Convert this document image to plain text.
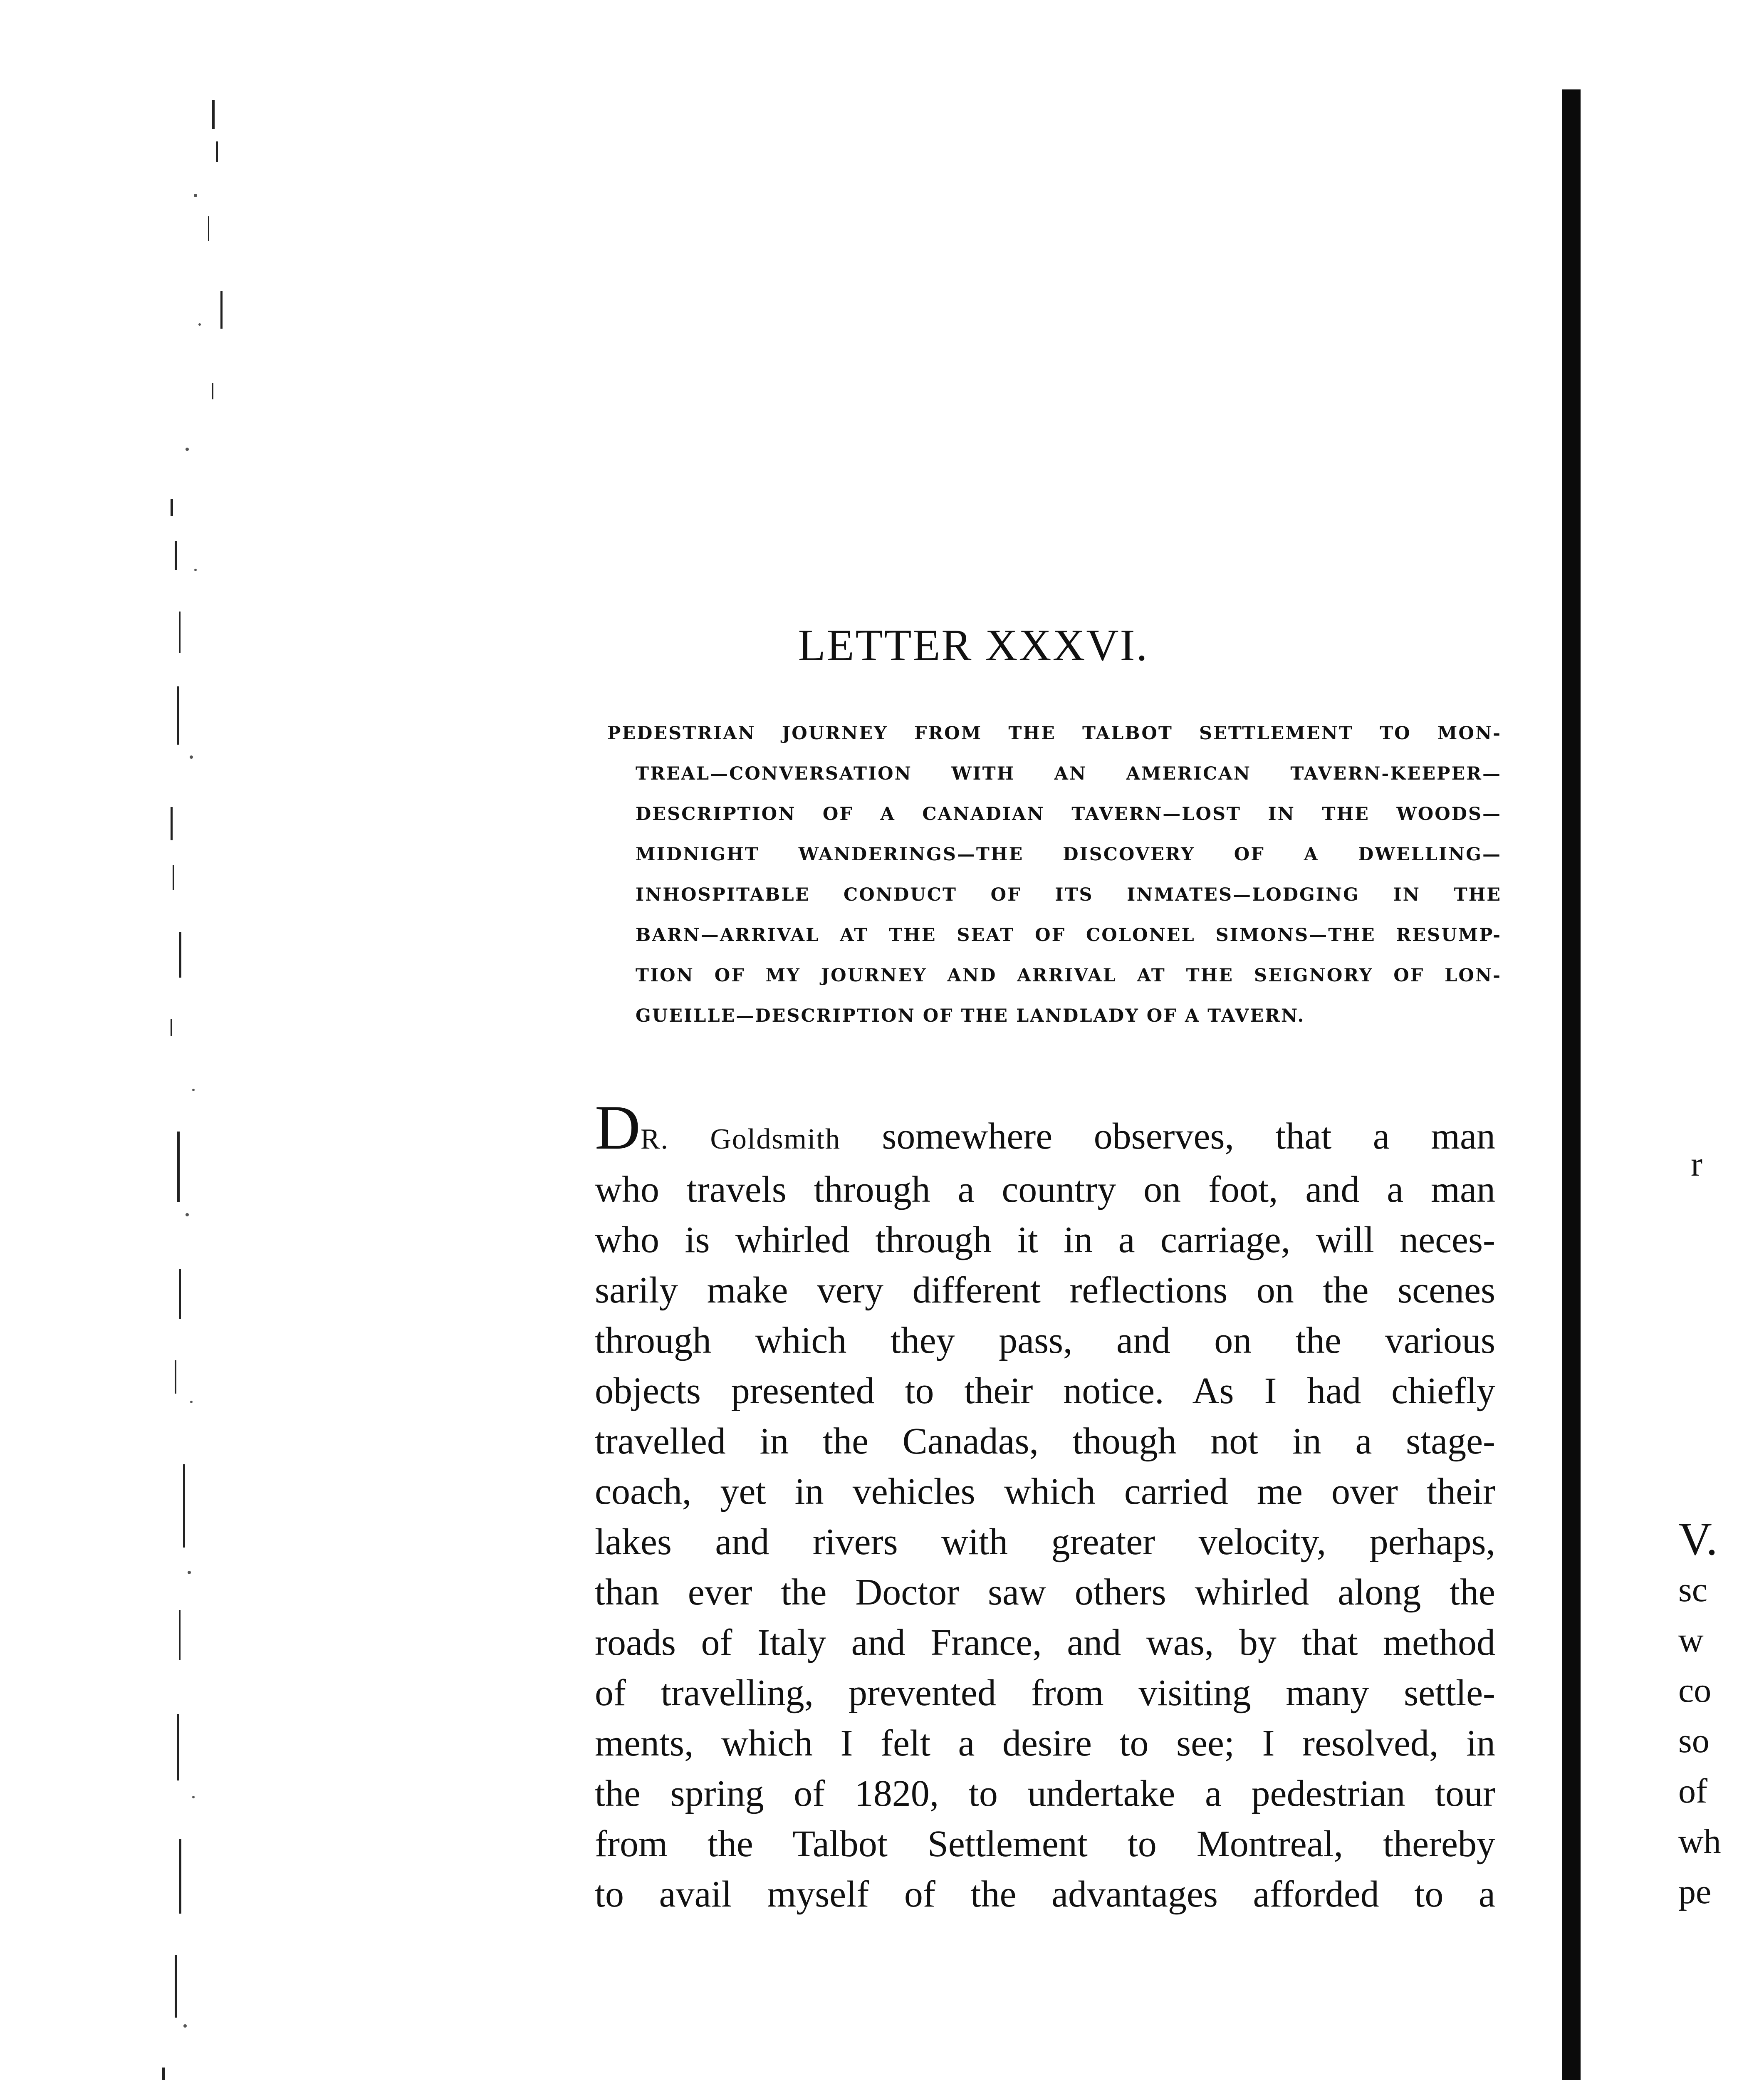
LETTER XXXVI.
PEDESTRIAN JOURNEY FROM THE TALBOT SETTLEMENT TO MON-
TREAL—CONVERSATION WITH AN AMERICAN TAVERN-KEEPER—
DESCRIPTION OF A CANADIAN TAVERN—LOST IN THE WOODS—
MIDNIGHT WANDERINGS—THE DISCOVERY OF A DWELLING—
INHOSPITABLE CONDUCT OF ITS INMATES—LODGING IN THE
BARN—ARRIVAL AT THE SEAT OF COLONEL SIMONS—THE RESUMP-
TION OF MY JOURNEY AND ARRIVAL AT THE SEIGNORY OF LON-
GUEILLE—DESCRIPTION OF THE LANDLADY OF A TAVERN.
DR. Goldsmith somewhere observes, that a man
who travels through a country on foot, and a man
who is whirled through it in a carriage, will neces-
sarily make very different reflections on the scenes
through which they pass, and on the various
objects presented to their notice. As I had chiefly
travelled in the Canadas, though not in a stage-
coach, yet in vehicles which carried me over their
lakes and rivers with greater velocity, perhaps,
than ever the Doctor saw others whirled along the
roads of Italy and France, and was, by that method
of travelling, prevented from visiting many settle-
ments, which I felt a desire to see; I resolved, in
the spring of 1820, to undertake a pedestrian tour
from the Talbot Settlement to Montreal, thereby
to avail myself of the advantages afforded to a
r
V.
sc
w
co
so
of
wh
pe
